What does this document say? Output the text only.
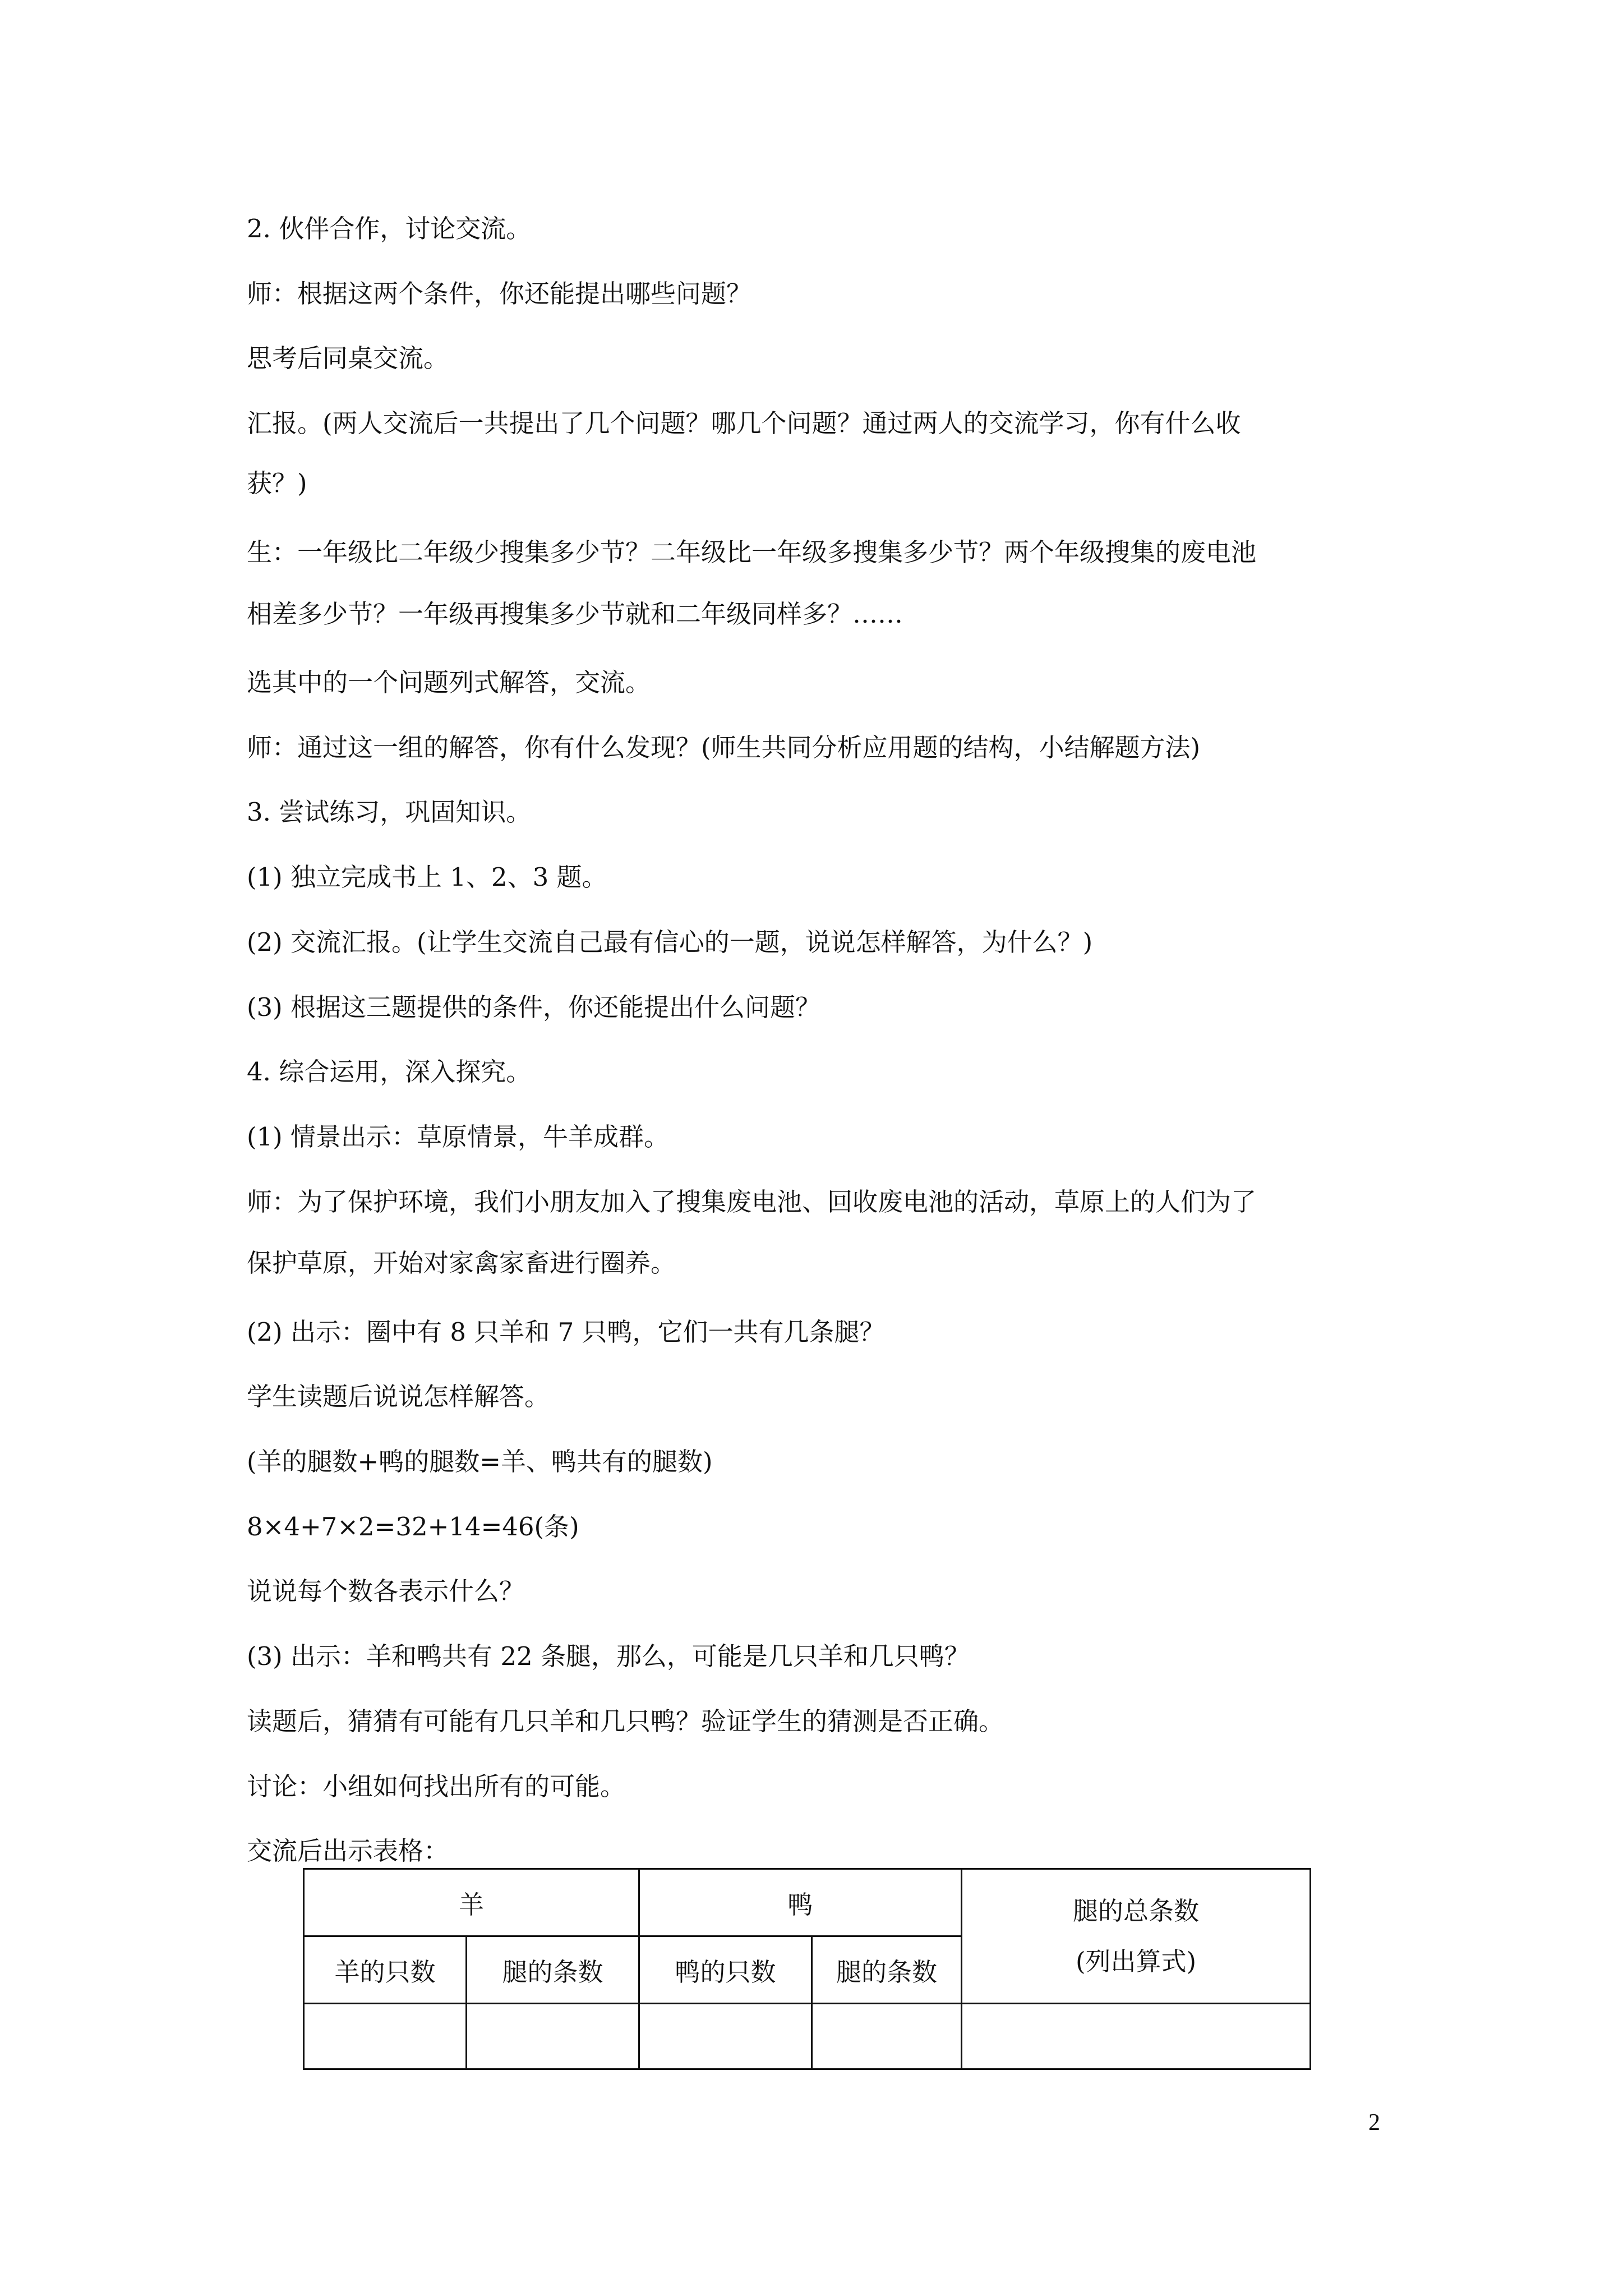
2. 伙伴合作，讨论交流。
师：根据这两个条件，你还能提出哪些问题？
思考后同桌交流。
汇报。(两人交流后一共提出了几个问题？哪几个问题？通过两人的交流学习，你有什么收
获？)
生：一年级比二年级少搜集多少节？二年级比一年级多搜集多少节？两个年级搜集的废电池
相差多少节？一年级再搜集多少节就和二年级同样多？……
选其中的一个问题列式解答，交流。
师：通过这一组的解答，你有什么发现？(师生共同分析应用题的结构，小结解题方法)
3. 尝试练习，巩固知识。
(1) 独立完成书上 1、2、3 题。
(2) 交流汇报。(让学生交流自己最有信心的一题，说说怎样解答，为什么？)
(3) 根据这三题提供的条件，你还能提出什么问题？
4. 综合运用，深入探究。
(1) 情景出示：草原情景，牛羊成群。
师：为了保护环境，我们小朋友加入了搜集废电池、回收废电池的活动，草原上的人们为了
保护草原，开始对家禽家畜进行圈养。
(2) 出示：圈中有 8 只羊和 7 只鸭，它们一共有几条腿？
学生读题后说说怎样解答。
(羊的腿数+鸭的腿数=羊、鸭共有的腿数)
8×4+7×2=32+14=46(条)
说说每个数各表示什么？
(3) 出示：羊和鸭共有 22 条腿，那么，可能是几只羊和几只鸭？
读题后，猜猜有可能有几只羊和几只鸭？验证学生的猜测是否正确。
讨论：小组如何找出所有的可能。
交流后出示表格：
羊		鸭		腿的总条数
(列出算式)

羊的只数	腿的条数	鸭的只数	腿的条数	

2
